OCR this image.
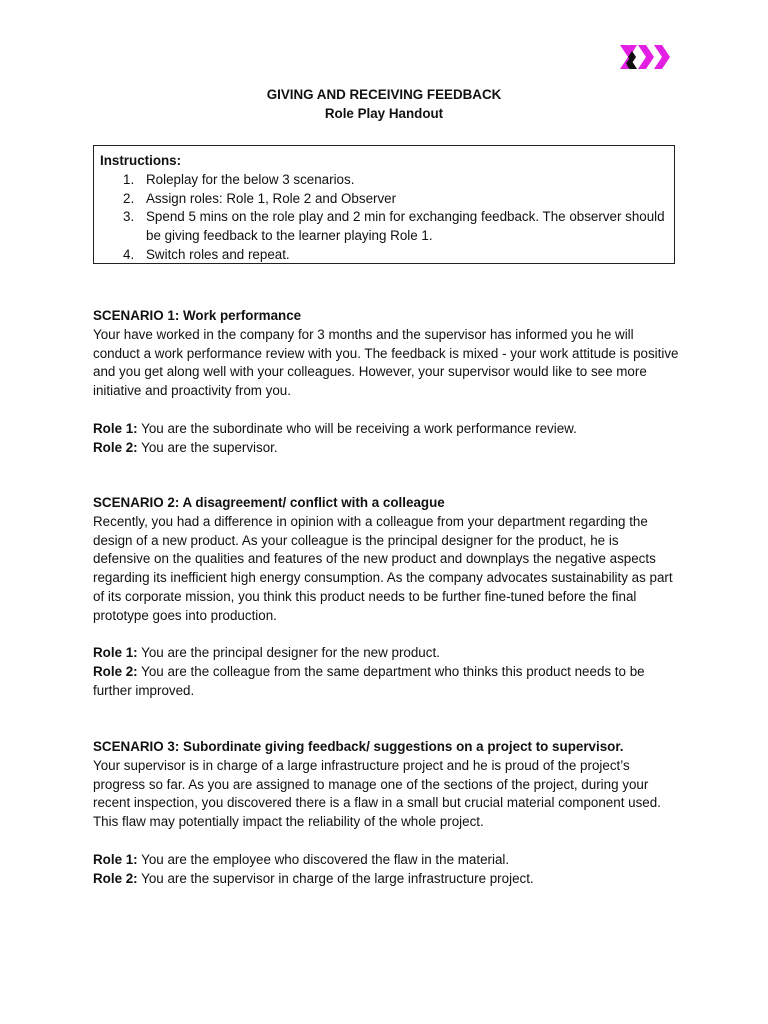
GIVING AND RECEIVING FEEDBACK
Role Play Handout
Instructions:
1. Roleplay for the below 3 scenarios.
2. Assign roles: Role 1, Role 2 and Observer
3. Spend 5 mins on the role play and 2 min for exchanging feedback. The observer should be giving feedback to the learner playing Role 1.
4. Switch roles and repeat.

SCENARIO 1: Work performance

Your have worked in the company for 3 months and the supervisor has informed you he will conduct a work performance review with you. The feedback is mixed - your work attitude is positive and you get along well with your colleagues. However, your supervisor would like to see more initiative and proactivity from you.

Role 1: You are the subordinate who will be receiving a work performance review.

Role 2: You are the supervisor.

SCENARIO 2: A disagreement/ conflict with a colleague

Recently, you had a difference in opinion with a colleague from your department regarding the design of a new product. As your colleague is the principal designer for the product, he is defensive on the qualities and features of the new product and downplays the negative aspects regarding its inefficient high energy consumption. As the company advocates sustainability as part of its corporate mission, you think this product needs to be further fine-tuned before the final prototype goes into production.

Role 1: You are the principal designer for the new product.

Role 2: You are the colleague from the same department who thinks this product needs to be further improved.

SCENARIO 3: Subordinate giving feedback/ suggestions on a project to supervisor.

Your supervisor is in charge of a large infrastructure project and he is proud of the project’s progress so far. As you are assigned to manage one of the sections of the project, during your recent inspection, you discovered there is a flaw in a small but crucial material component used. This flaw may potentially impact the reliability of the whole project.

Role 1: You are the employee who discovered the flaw in the material.

Role 2: You are the supervisor in charge of the large infrastructure project.
